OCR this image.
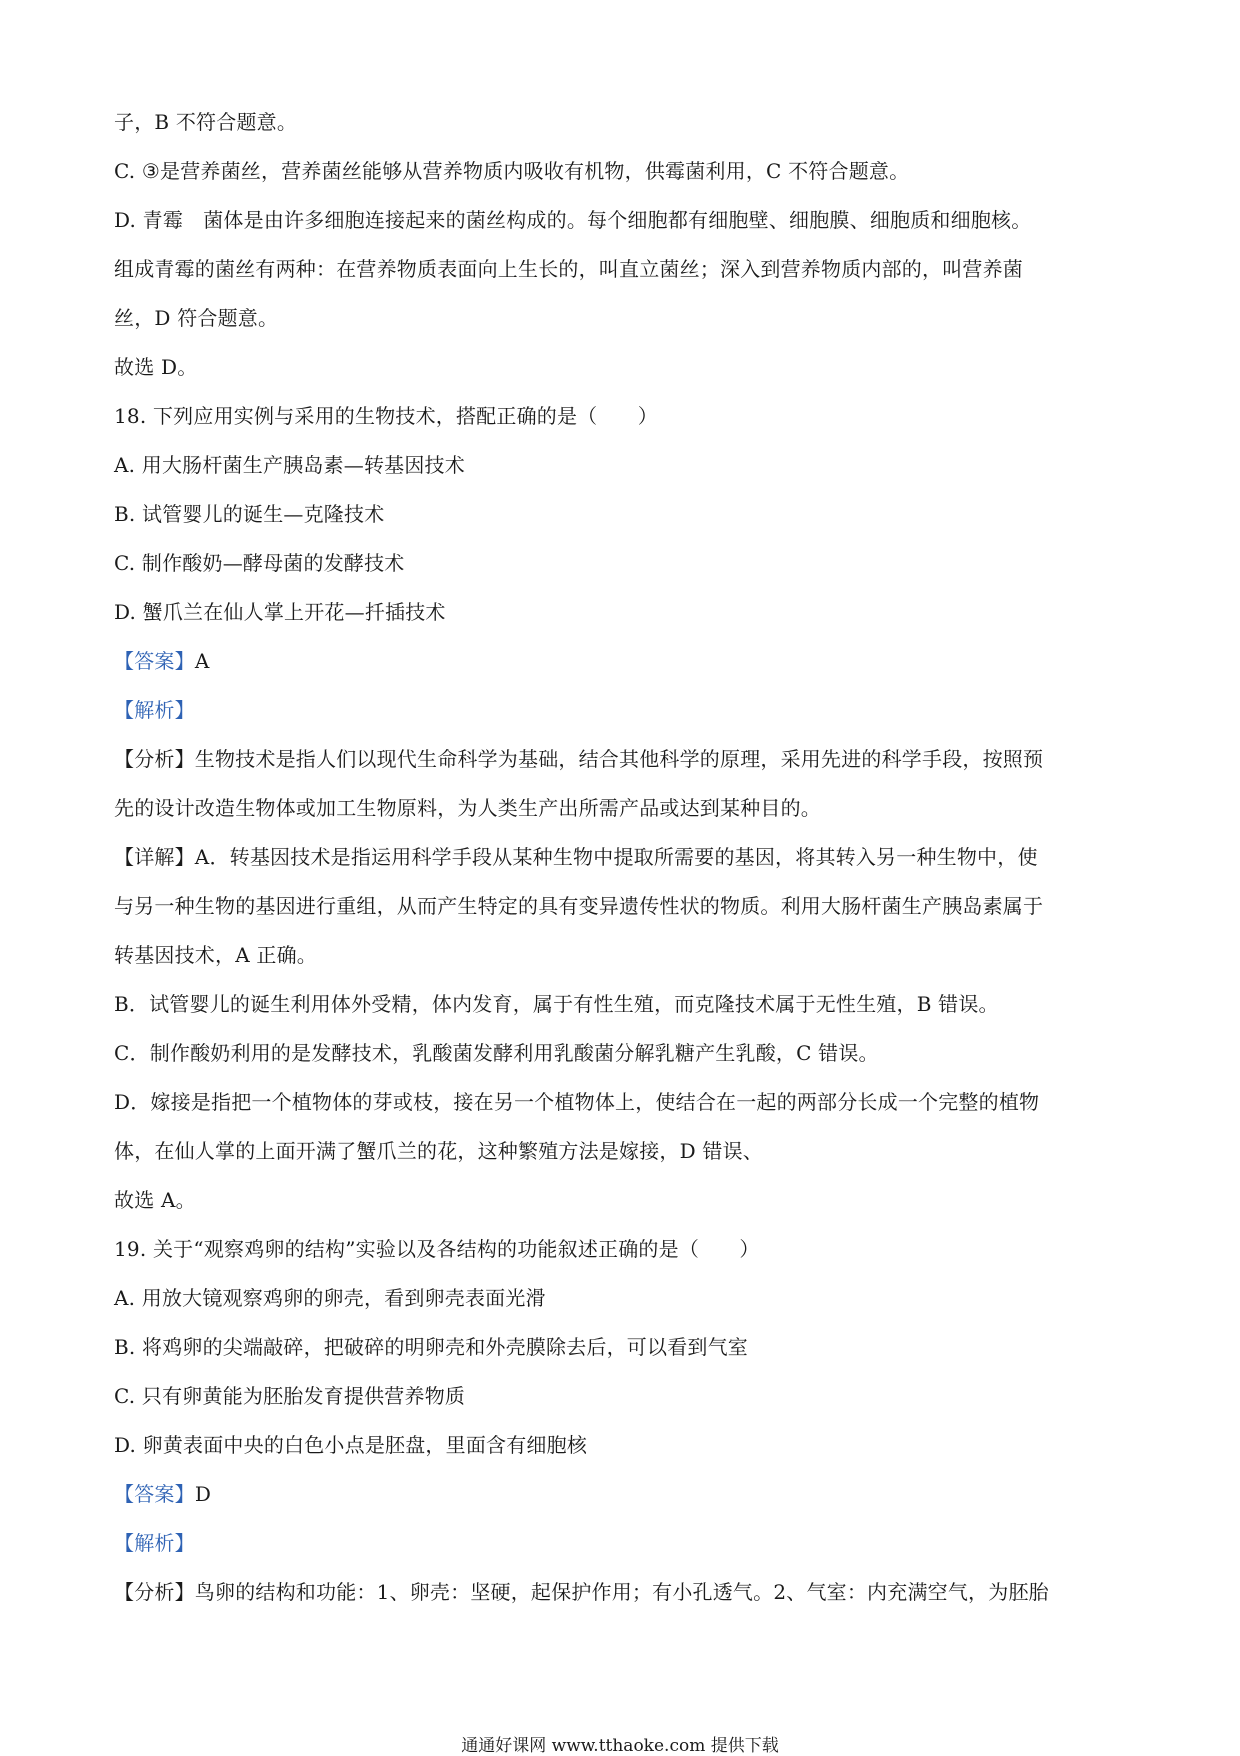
子，B 不符合题意。
C. ③是营养菌丝，营养菌丝能够从营养物质内吸收有机物，供霉菌利用，C 不符合题意。
D. 青霉　菌体是由许多细胞连接起来的菌丝构成的。每个细胞都有细胞壁、细胞膜、细胞质和细胞核。
组成青霉的菌丝有两种：在营养物质表面向上生长的，叫直立菌丝；深入到营养物质内部的，叫营养菌
丝，D 符合题意。
故选 D。
18. 下列应用实例与采用的生物技术，搭配正确的是（　　）
A. 用大肠杆菌生产胰岛素—转基因技术
B. 试管婴儿的诞生—克隆技术
C. 制作酸奶—酵母菌的发酵技术
D. 蟹爪兰在仙人掌上开花—扦插技术
【答案】A
【解析】
【分析】生物技术是指人们以现代生命科学为基础，结合其他科学的原理，采用先进的科学手段，按照预
先的设计改造生物体或加工生物原料，为人类生产出所需产品或达到某种目的。
【详解】A．转基因技术是指运用科学手段从某种生物中提取所需要的基因，将其转入另一种生物中，使
与另一种生物的基因进行重组，从而产生特定的具有变异遗传性状的物质。利用大肠杆菌生产胰岛素属于
转基因技术，A 正确。
B．试管婴儿的诞生利用体外受精，体内发育，属于有性生殖，而克隆技术属于无性生殖，B 错误。
C．制作酸奶利用的是发酵技术，乳酸菌发酵利用乳酸菌分解乳糖产生乳酸，C 错误。
D．嫁接是指把一个植物体的芽或枝，接在另一个植物体上，使结合在一起的两部分长成一个完整的植物
体，在仙人掌的上面开满了蟹爪兰的花，这种繁殖方法是嫁接，D 错误、
故选 A。
19. 关于“观察鸡卵的结构”实验以及各结构的功能叙述正确的是（　　）
A. 用放大镜观察鸡卵的卵壳，看到卵壳表面光滑
B. 将鸡卵的尖端敲碎，把破碎的明卵壳和外壳膜除去后，可以看到气室
C. 只有卵黄能为胚胎发育提供营养物质
D. 卵黄表面中央的白色小点是胚盘，里面含有细胞核
【答案】D
【解析】
【分析】鸟卵的结构和功能：1、卵壳：坚硬，起保护作用；有小孔透气。2、气室：内充满空气，为胚胎
通通好课网 www.tthaoke.com 提供下载
